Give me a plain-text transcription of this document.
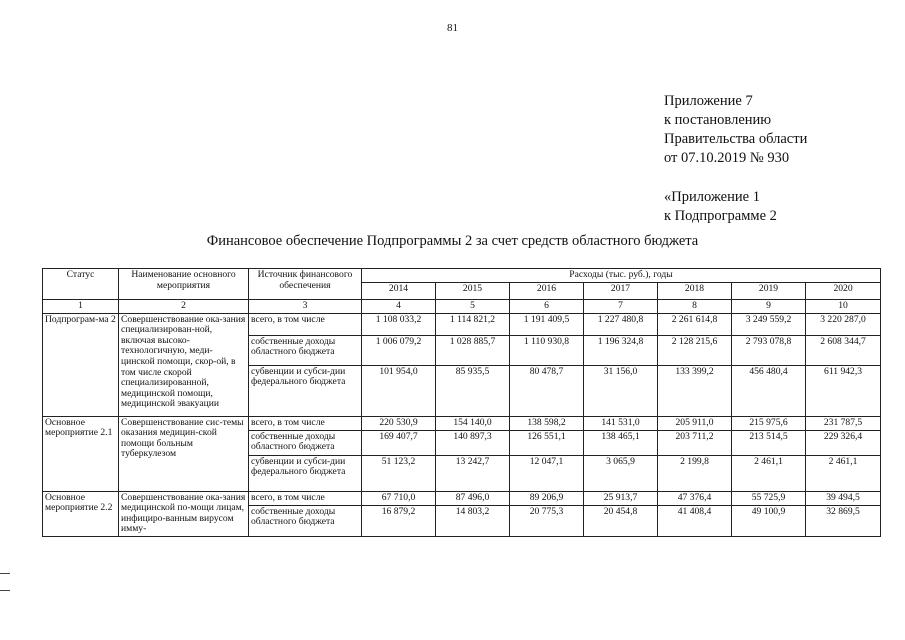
81
Приложение 7
к постановлению
Правительства области
от 07.10.2019 № 930
«Приложение 1
к Подпрограмме 2
Финансовое обеспечение Подпрограммы 2 за счет средств областного бюджета
Статус	Наименование основного мероприятия	Источник финансового обеспечения	Расходы (тыс. руб.), годы						
			2014	2015	2016	2017	2018	2019	2020
1	2	3	4	5	6	7	8	9	10
Подпрограм-ма 2	Совершенствование ока-зания специализирован-ной, включая высоко-технологичную, меди-цинской помощи, скор-ой, в том числе скорой специализированной, медицинской помощи, медицинской эвакуации	всего, в том числе	1 108 033,2	1 114 821,2	1 191 409,5	1 227 480,8	2 261 614,8	3 249 559,2	3 220 287,0
		собственные доходы областного бюджета	1 006 079,2	1 028 885,7	1 110 930,8	1 196 324,8	2 128 215,6	2 793 078,8	2 608 344,7
		субвенции и субси-дии федерального бюджета	101 954,0	85 935,5	80 478,7	31 156,0	133 399,2	456 480,4	611 942,3
Основное мероприятие 2.1	Совершенствование сис-темы оказания медицин-ской помощи больным туберкулезом	всего, в том числе	220 530,9	154 140,0	138 598,2	141 531,0	205 911,0	215 975,6	231 787,5
		собственные доходы областного бюджета	169 407,7	140 897,3	126 551,1	138 465,1	203 711,2	213 514,5	229 326,4
		субвенции и субси-дии федерального бюджета	51 123,2	13 242,7	12 047,1	3 065,9	2 199,8	2 461,1	2 461,1
Основное мероприятие 2.2	Совершенствование ока-зания медицинской по-мощи лицам, инфициро-ванным вирусом имму-	всего, в том числе	67 710,0	87 496,0	89 206,9	25 913,7	47 376,4	55 725,9	39 494,5
		собственные доходы областного бюджета	16 879,2	14 803,2	20 775,3	20 454,8	41 408,4	49 100,9	32 869,5
